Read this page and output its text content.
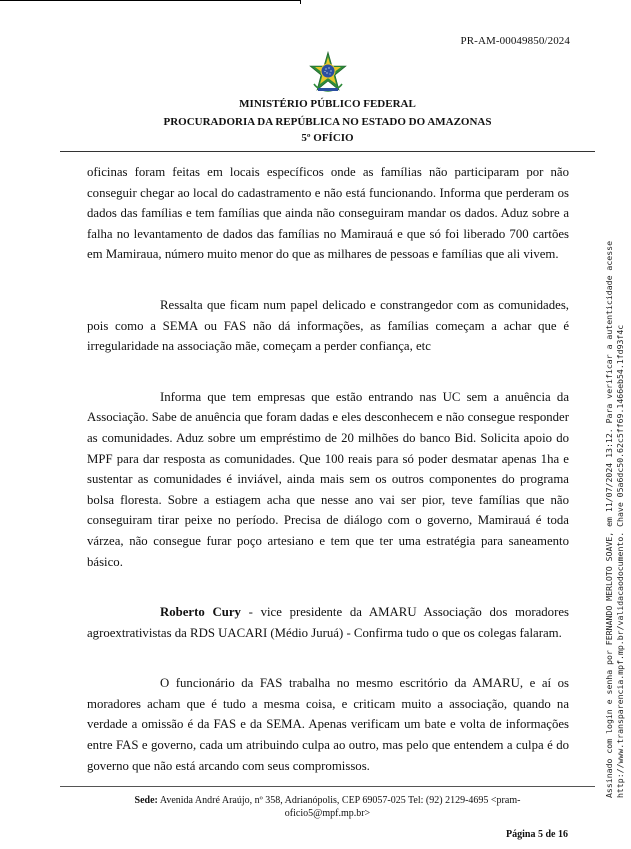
PR-AM-00049850/2024
MINISTÉRIO PÚBLICO FEDERAL
PROCURADORIA DA REPÚBLICA NO ESTADO DO AMAZONAS
5º OFÍCIO

oficinas foram feitas em locais específicos onde as famílias não participaram por não conseguir chegar ao local do cadastramento e não está funcionando. Informa que perderam os dados das famílias e tem famílias que ainda não conseguiram mandar os dados. Aduz sobre a falha no levantamento de dados das famílias no Mamirauá e que só foi liberado 700 cartões em Mamiraua, número muito menor do que as milhares de pessoas e famílias que ali vivem.

Ressalta que ficam num papel delicado e constrangedor com as comunidades, pois como a SEMA ou FAS não dá informações, as famílias começam a achar que é irregularidade na associação mãe, começam a perder confiança, etc

Informa que tem empresas que estão entrando nas UC sem a anuência da Associação. Sabe de anuência que foram dadas e eles desconhecem e não consegue responder as comunidades. Aduz sobre um empréstimo de 20 milhões do banco Bid. Solicita apoio do MPF para dar resposta as comunidades. Que 100 reais para só poder desmatar apenas 1ha e sustentar as comunidades é inviável, ainda mais sem os outros componentes do programa bolsa floresta. Sobre a estiagem acha que nesse ano vai ser pior, teve famílias que não conseguiram tirar peixe no período. Precisa de diálogo com o governo, Mamirauá é toda várzea, não consegue furar poço artesiano e tem que ter uma estratégia para saneamento básico.

Roberto Cury - vice presidente da AMARU Associação dos moradores agroextrativistas da RDS UACARI (Médio Juruá) - Confirma tudo o que os colegas falaram.

O funcionário da FAS trabalha no mesmo escritório da AMARU, e aí os moradores acham que é tudo a mesma coisa, e criticam muito a associação, quando na verdade a omissão é da FAS e da SEMA. Apenas verificam um bate e volta de informações entre FAS e governo, cada um atribuindo culpa ao outro, mas pelo que entendem a culpa é do governo que não está arcando com seus compromissos.	Assinado com login e senha por FERNANDO MERLOTO SOAVE, em 11/07/2024 13:12. Para verificar a autenticidade acesse http://www.transparencia.mpf.mp.br/validacaodocumento. Chave 05a6dc50.62c5ff69.1466eb54.1fd93f4c
Sede: Avenida André Araújo, nº 358, Adrianópolis, CEP 69057-025 Tel: (92) 2129-4695 <pram-oficio5@mpf.mp.br>
Página 5 de 16
